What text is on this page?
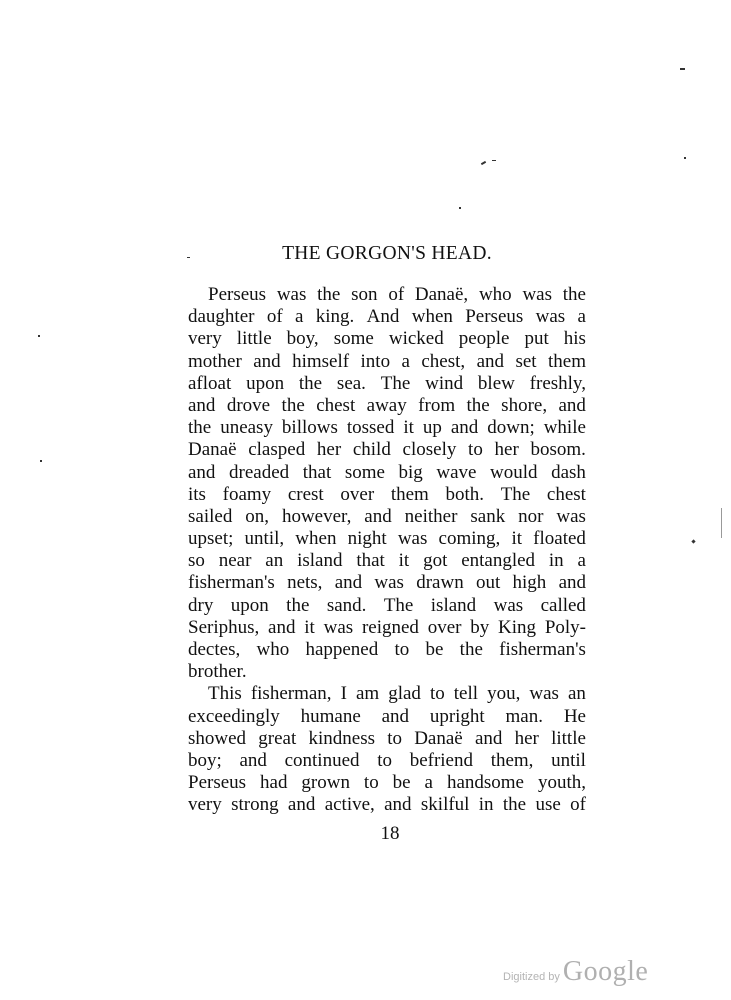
THE GORGON'S HEAD.
Perseus was the son of Danaë, who was the
daughter of a king. And when Perseus was a
very little boy, some wicked people put his
mother and himself into a chest, and set them
afloat upon the sea. The wind blew freshly,
and drove the chest away from the shore, and
the uneasy billows tossed it up and down; while
Danaë clasped her child closely to her bosom.
and dreaded that some big wave would dash
its foamy crest over them both. The chest
sailed on, however, and neither sank nor was
upset; until, when night was coming, it floated
so near an island that it got entangled in a
fisherman's nets, and was drawn out high and
dry upon the sand. The island was called
Seriphus, and it was reigned over by King Poly-
dectes, who happened to be the fisherman's
brother.
This fisherman, I am glad to tell you, was an
exceedingly humane and upright man. He
showed great kindness to Danaë and her little
boy; and continued to befriend them, until
Perseus had grown to be a handsome youth,
very strong and active, and skilful in the use of
18
Digitized by Google
